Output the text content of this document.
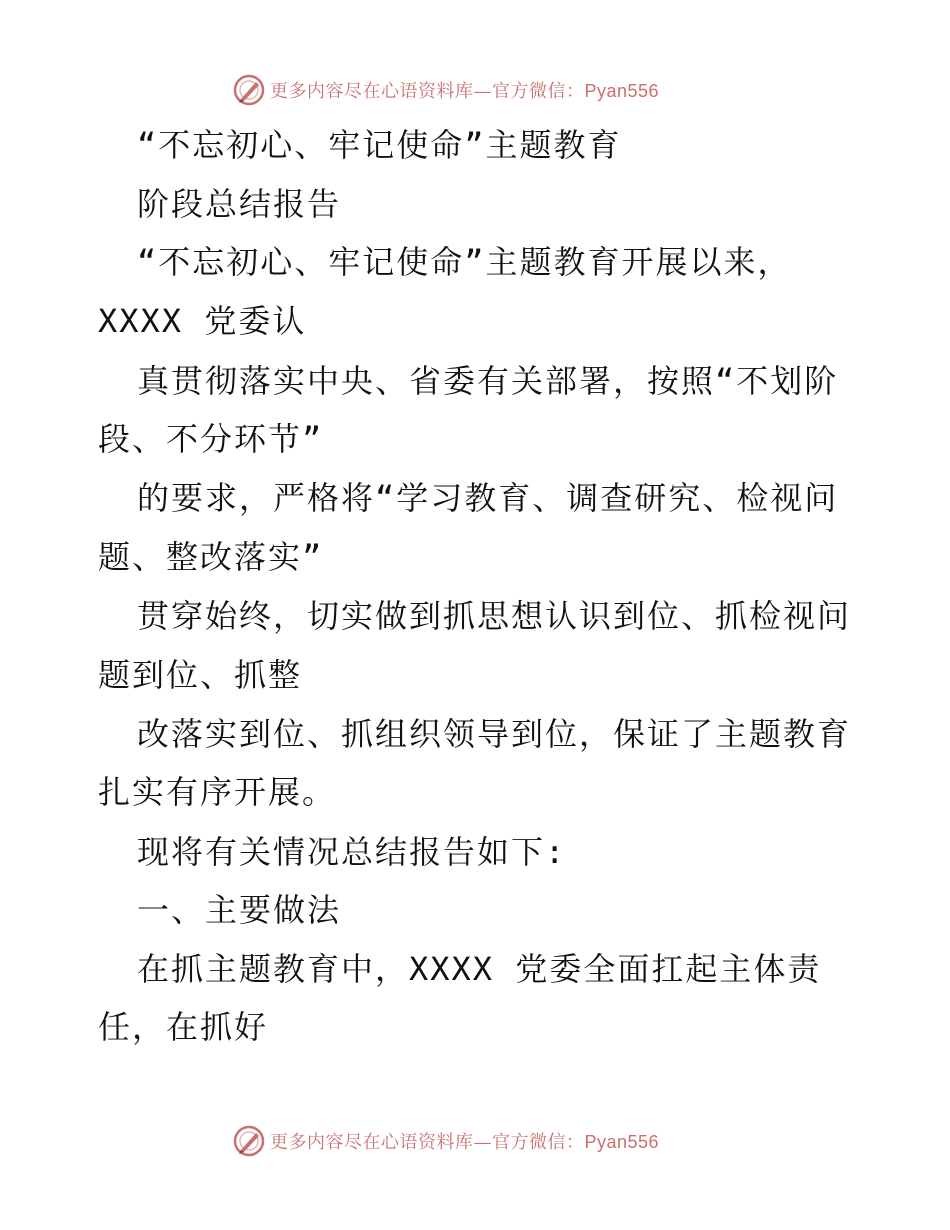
更多内容尽在心语资料库—官方微信：Pyan556
“不忘初心、牢记使命”主题教育
阶段总结报告
“不忘初心、牢记使命”主题教育开展以来，
XXXX 党委认
真贯彻落实中央、省委有关部署，按照“不划阶
段、不分环节”
的要求，严格将“学习教育、调查研究、检视问
题、整改落实”
贯穿始终，切实做到抓思想认识到位、抓检视问
题到位、抓整
改落实到位、抓组织领导到位，保证了主题教育
扎实有序开展。
现将有关情况总结报告如下:
一、主要做法
在抓主题教育中，XXXX 党委全面扛起主体责
任，在抓好
更多内容尽在心语资料库—官方微信：Pyan556
